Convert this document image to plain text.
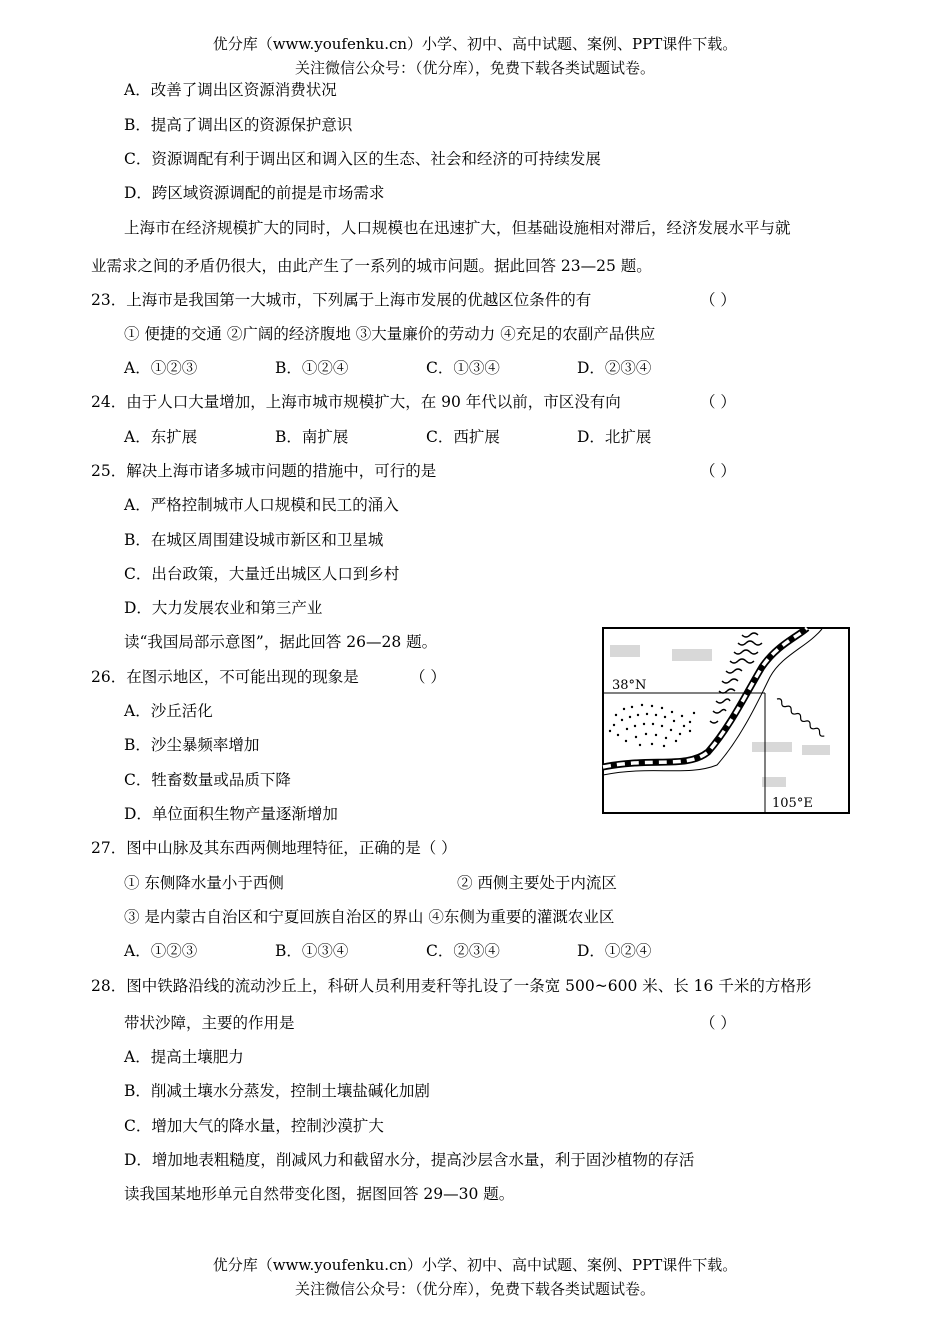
优分库（www.youfenku.cn）小学、初中、高中试题、案例、PPT课件下载。
关注微信公众号：（优分库），免费下载各类试题试卷。
A．改善了调出区资源消费状况
B．提高了调出区的资源保护意识
C．资源调配有利于调出区和调入区的生态、社会和经济的可持续发展
D．跨区域资源调配的前提是市场需求
上海市在经济规模扩大的同时，人口规模也在迅速扩大，但基础设施相对滞后，经济发展水平与就
业需求之间的矛盾仍很大，由此产生了一系列的城市问题。据此回答 23—25 题。
23．上海市是我国第一大城市，下列属于上海市发展的优越区位条件的有	（ ）
① 便捷的交通 ②广阔的经济腹地 ③大量廉价的劳动力 ④充足的农副产品供应
A．①②③	B．①②④	C．①③④	D．②③④
24．由于人口大量增加，上海市城市规模扩大，在 90 年代以前，市区没有向	（ ）
A．东扩展	B．南扩展	C．西扩展	D．北扩展
25．解决上海市诸多城市问题的措施中，可行的是	（ ）
A．严格控制城市人口规模和民工的涌入
B．在城区周围建设城市新区和卫星城
C．出台政策，大量迁出城区人口到乡村
D．大力发展农业和第三产业
读“我国局部示意图”，据此回答 26—28 题。
26．在图示地区，不可能出现的现象是	（ ）
A．沙丘活化
B．沙尘暴频率增加
C．牲畜数量或品质下降
D．单位面积生物产量逐渐增加
38°N
105°E
27．图中山脉及其东西两侧地理特征，正确的是（ ）
① 东侧降水量小于西侧	② 西侧主要处于内流区
③ 是内蒙古自治区和宁夏回族自治区的界山 ④东侧为重要的灌溉农业区
A．①②③	B．①③④	C．②③④	D．①②④
28．图中铁路沿线的流动沙丘上，科研人员利用麦秆等扎设了一条宽 500~600 米、长 16 千米的方格形
带状沙障，主要的作用是	（ ）
A．提高土壤肥力
B．削减土壤水分蒸发，控制土壤盐碱化加剧
C．增加大气的降水量，控制沙漠扩大
D．增加地表粗糙度，削减风力和截留水分，提高沙层含水量，利于固沙植物的存活
读我国某地形单元自然带变化图，据图回答 29—30 题。
优分库（www.youfenku.cn）小学、初中、高中试题、案例、PPT课件下载。
关注微信公众号：（优分库），免费下载各类试题试卷。
